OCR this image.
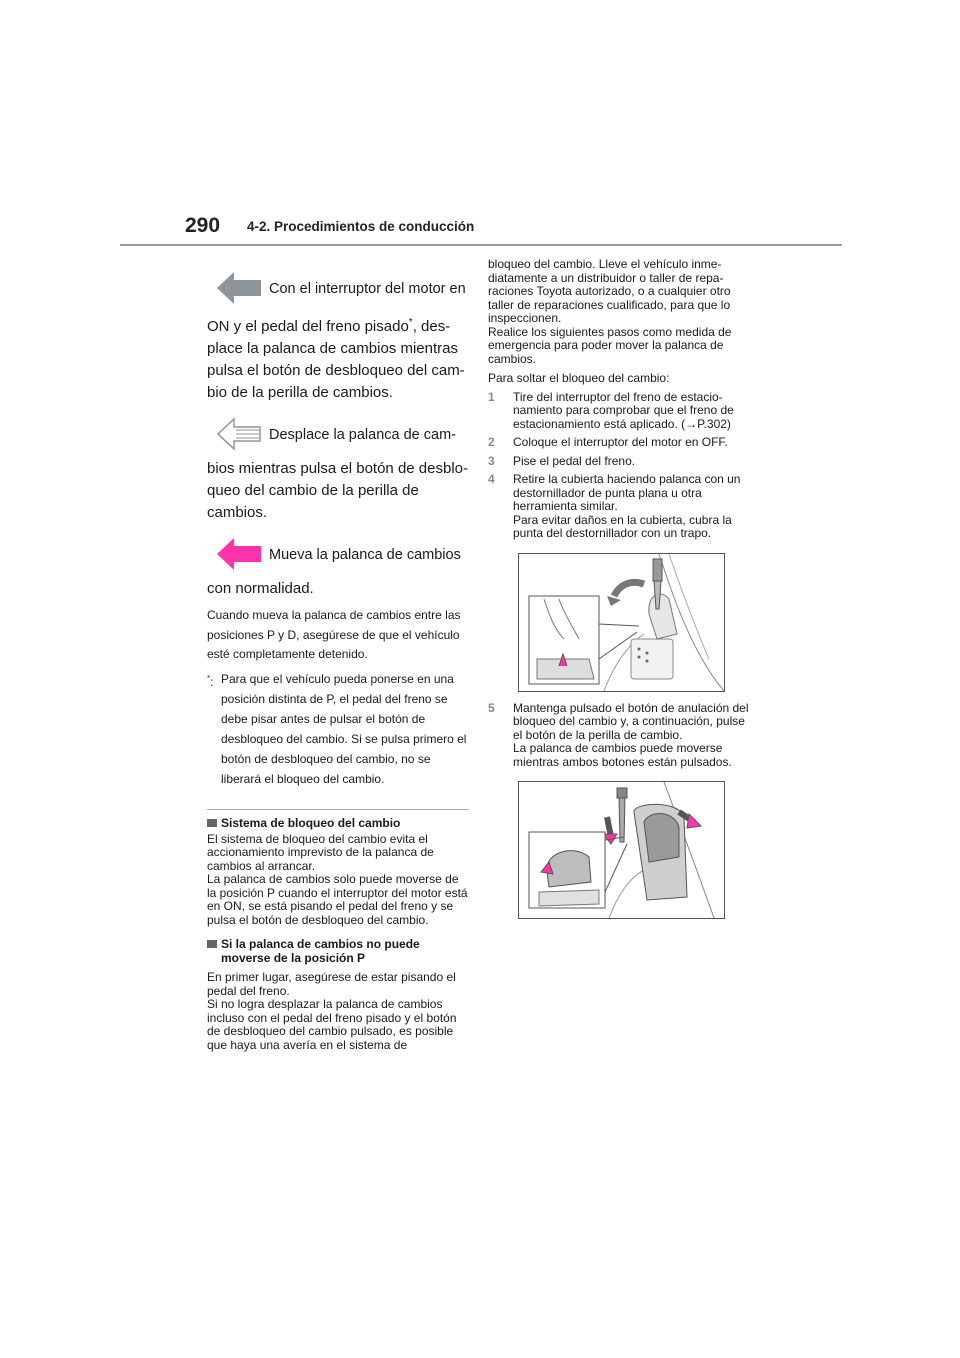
290 4-2. Procedimientos de conducción
Con el interruptor del motor en

ON y el pedal del freno pisado*, des-place la palanca de cambios mientras pulsa el botón de desbloqueo del cam-bio de la perilla de cambios.

Desplace la palanca de cam-

bios mientras pulsa el botón de desblo-queo del cambio de la perilla de cambios.

Mueva la palanca de cambios

con normalidad.

Cuando mueva la palanca de cambios entre las posiciones P y D, asegúrese de que el vehículo esté completamente detenido.

*: Para que el vehículo pueda ponerse en una posición distinta de P, el pedal del freno se debe pisar antes de pulsar el botón de desbloqueo del cambio. Si se pulsa primero el botón de desbloqueo del cambio, no se liberará el bloqueo del cambio.
Sistema de bloqueo del cambio

El sistema de bloqueo del cambio evita el accionamiento imprevisto de la palanca de cambios al arrancar.

La palanca de cambios solo puede moverse de la posición P cuando el interruptor del motor está en ON, se está pisando el pedal del freno y se pulsa el botón de desbloqueo del cambio.

Si la palanca de cambios no puede moverse de la posición P

En primer lugar, asegúrese de estar pisando el pedal del freno.

Si no logra desplazar la palanca de cambios incluso con el pedal del freno pisado y el botón de desbloqueo del cambio pulsado, es posible que haya una avería en el sistema de

bloqueo del cambio. Lleve el vehículo inme-diatamente a un distribuidor o taller de repa-raciones Toyota autorizado, o a cualquier otro taller de reparaciones cualificado, para que lo inspeccionen.

Realice los siguientes pasos como medida de emergencia para poder mover la palanca de cambios.

Para soltar el bloqueo del cambio:

1	Tire del interruptor del freno de estacio-namiento para comprobar que el freno de estacionamiento está aplicado. (→P.302)
2	Coloque el interruptor del motor en OFF.
3	Pise el pedal del freno.
4	Retire la cubierta haciendo palanca con un destornillador de punta plana u otra herramienta similar.
Para evitar daños en la cubierta, cubra la punta del destornillador con un trapo.
5	Mantenga pulsado el botón de anulación del bloqueo del cambio y, a continuación, pulse el botón de la perilla de cambio.
La palanca de cambios puede moverse mientras ambos botones están pulsados.
